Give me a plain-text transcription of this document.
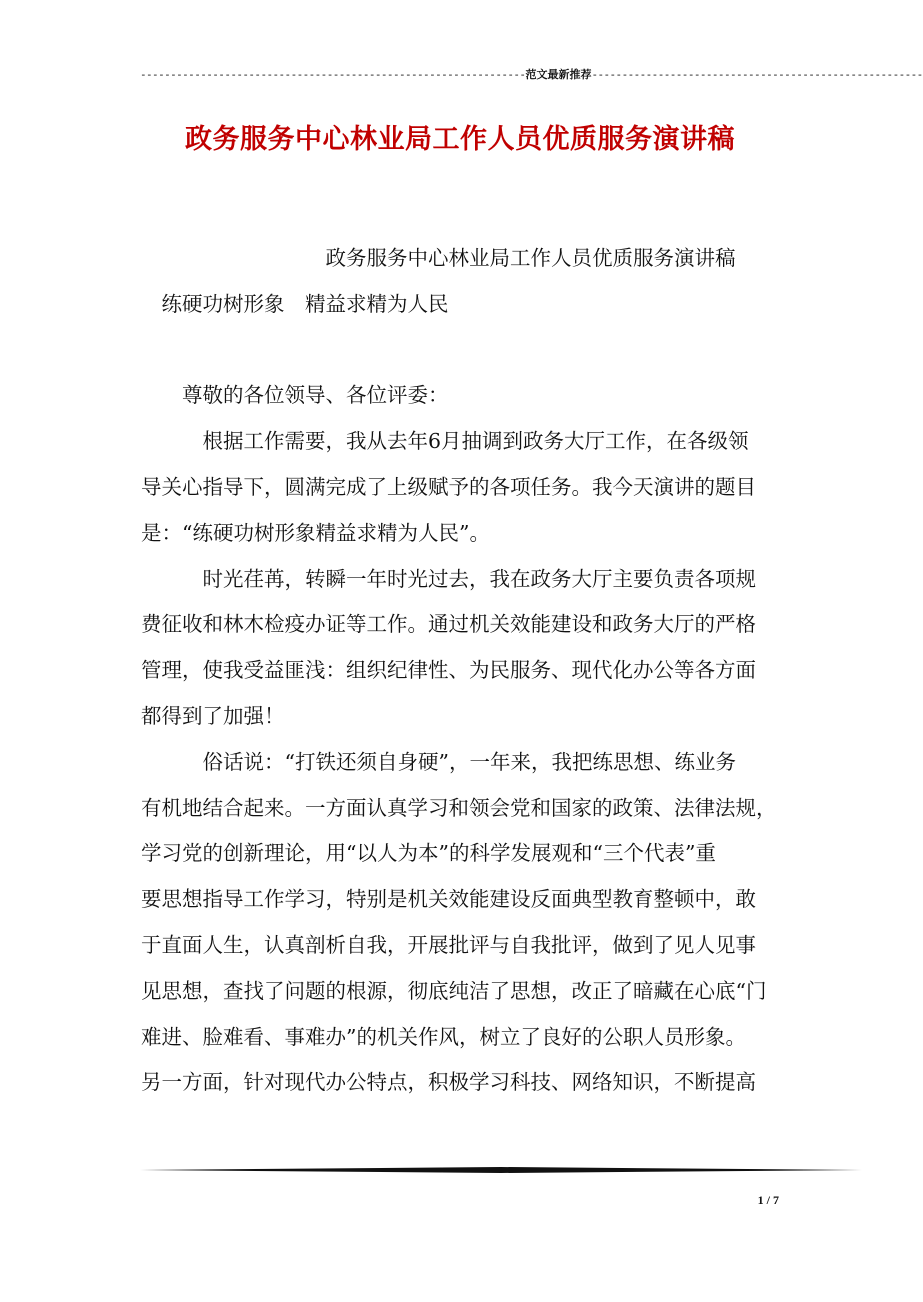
----------------------------------------------------------------范文最新推荐-------------------------------------------------------
政务服务中心林业局工作人员优质服务演讲稿
　　　　　　　　　政务服务中心林业局工作人员优质服务演讲稿
　练硬功树形象　精益求精为人民
　　尊敬的各位领导、各位评委：
　　　根据工作需要，我从去年6月抽调到政务大厅工作，在各级领
导关心指导下，圆满完成了上级赋予的各项任务。我今天演讲的题目
是：“练硬功树形象精益求精为人民”。
　　　时光荏苒，转瞬一年时光过去，我在政务大厅主要负责各项规
费征收和林木检疫办证等工作。通过机关效能建设和政务大厅的严格
管理，使我受益匪浅：组织纪律性、为民服务、现代化办公等各方面
都得到了加强！
　　　俗话说：“打铁还须自身硬”，一年来，我把练思想、练业务
有机地结合起来。一方面认真学习和领会党和国家的政策、法律法规，
学习党的创新理论，用“以人为本”的科学发展观和“三个代表”重
要思想指导工作学习，特别是机关效能建设反面典型教育整顿中，敢
于直面人生，认真剖析自我，开展批评与自我批评，做到了见人见事
见思想，查找了问题的根源，彻底纯洁了思想，改正了暗藏在心底“门
难进、脸难看、事难办”的机关作风，树立了良好的公职人员形象。
另一方面，针对现代办公特点，积极学习科技、网络知识，不断提高
1 / 7
